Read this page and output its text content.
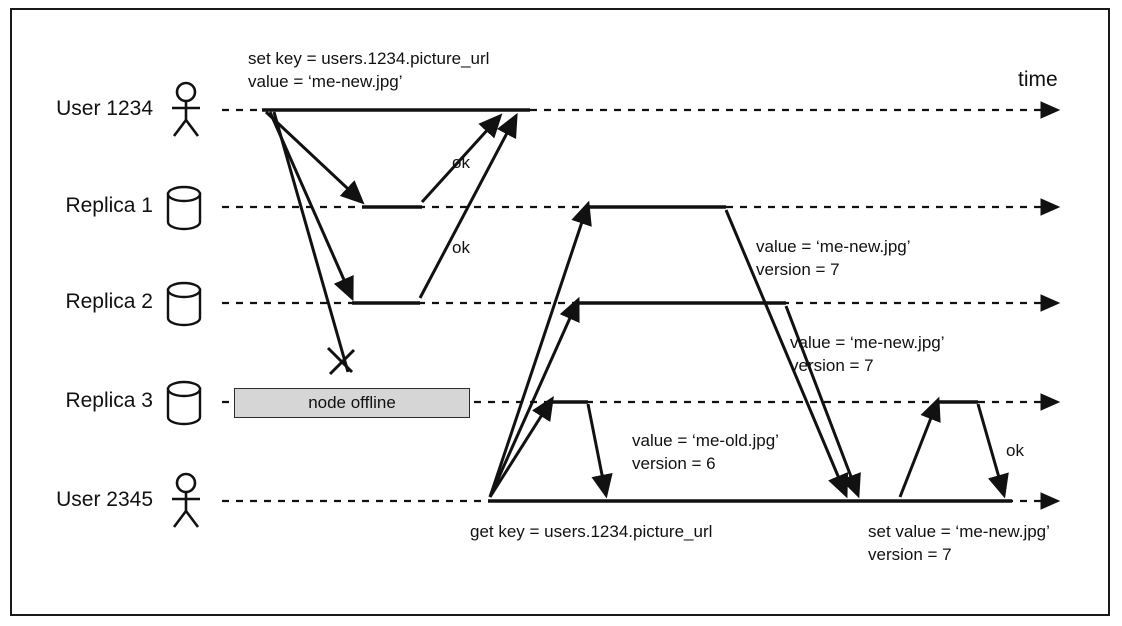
User 1234
Replica 1
Replica 2
Replica 3
User 2345
time
node offline
set key = users.1234.picture_url
value = ‘me-new.jpg’
ok
ok	value = ‘me-new.jpg’
version = 7
value = ‘me-new.jpg’
version = 7
value = ‘me-old.jpg’
version = 6
get key = users.1234.picture_url	set value = ‘me-new.jpg’
version = 7
ok
